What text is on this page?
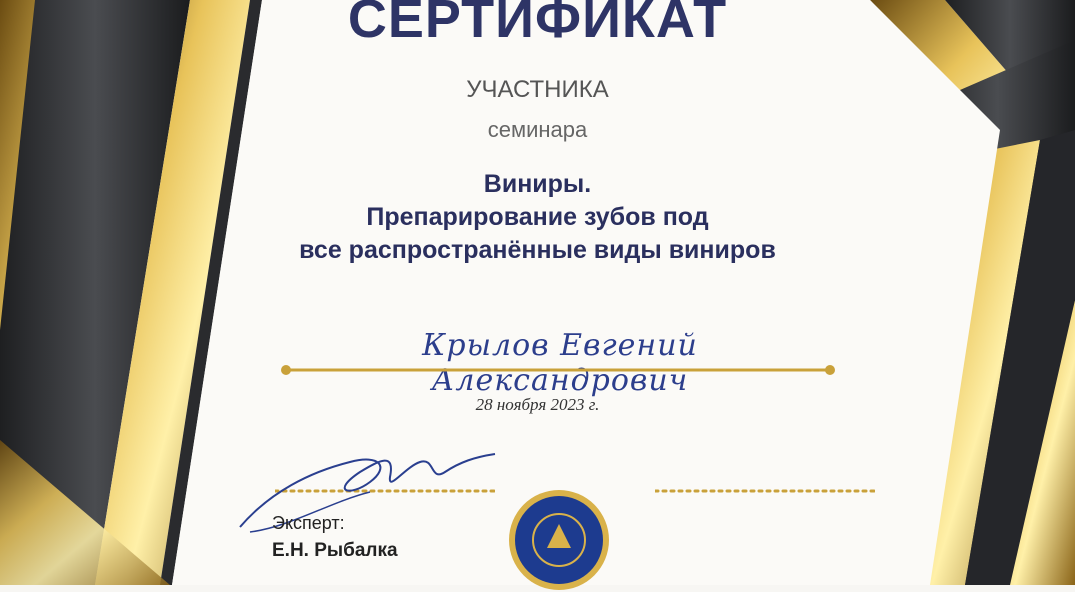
СЕРТИФИКАТ
УЧАСТНИКА
семинара
Виниры.
Препарирование зубов под
все распространённые виды виниров
Крылов Евгений Александрович
28 ноября 2023 г.
Эксперт:
Е.Н. Рыбалка
